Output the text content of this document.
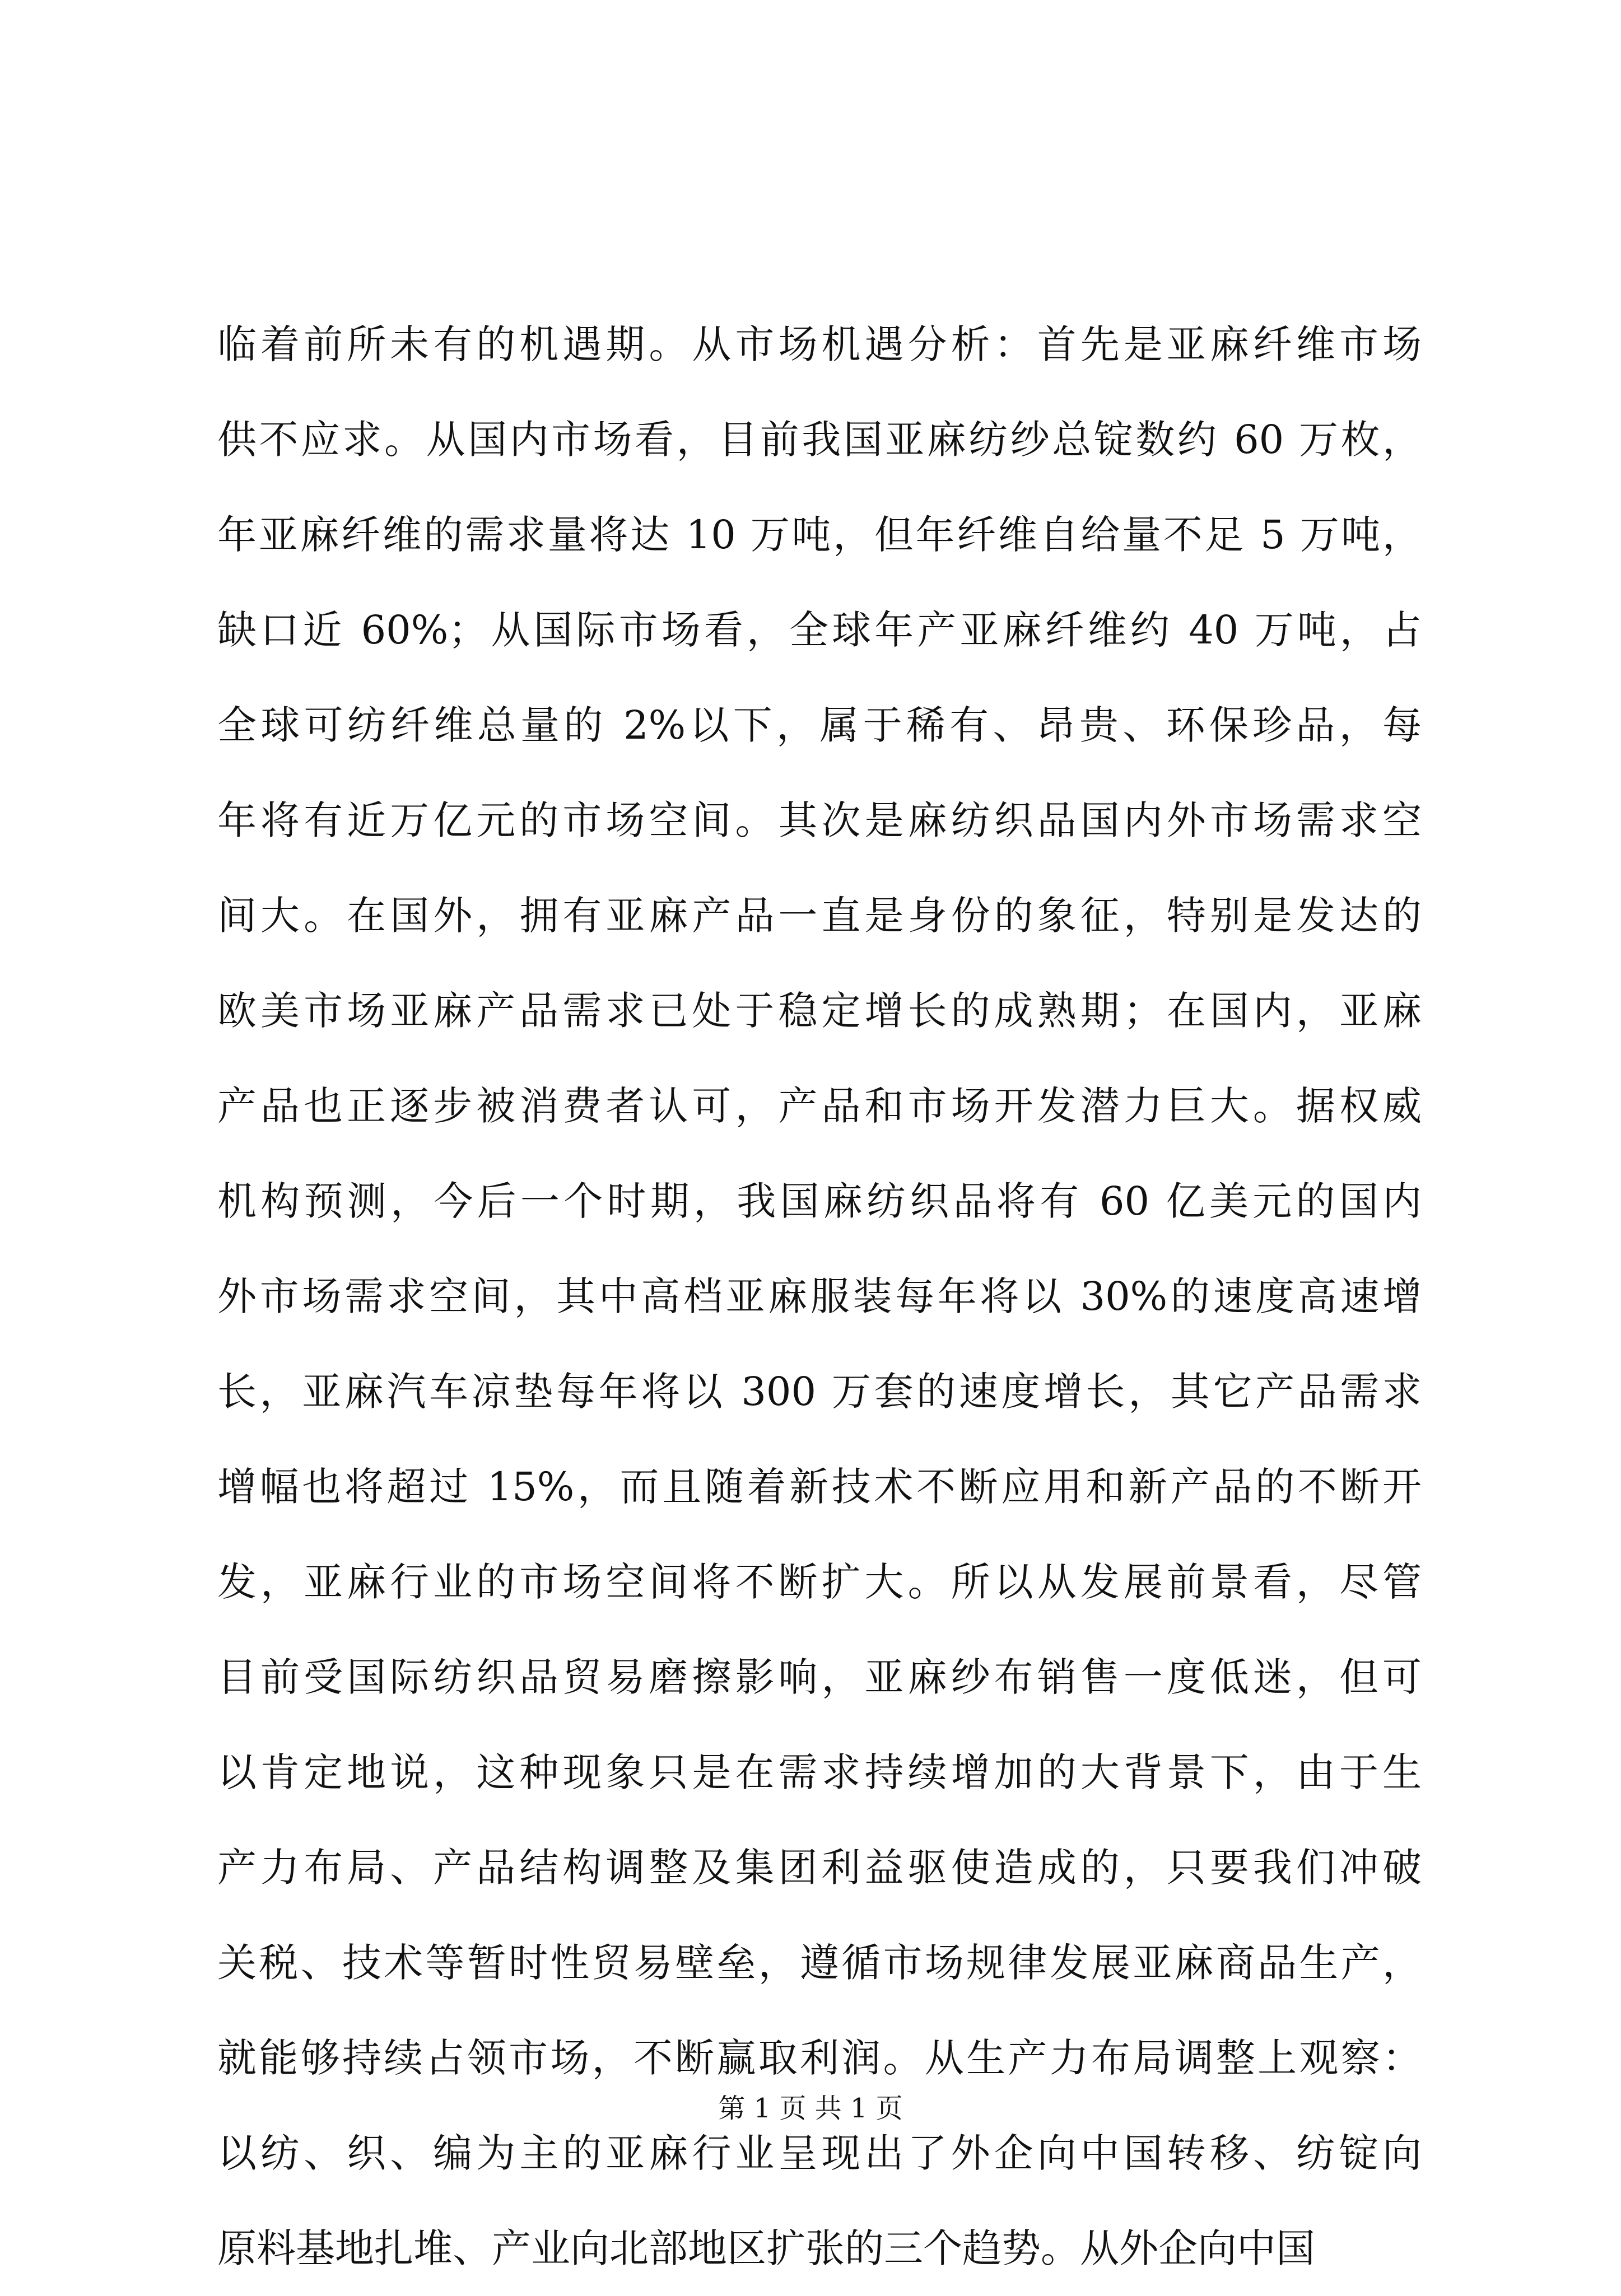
临着前所未有的机遇期。从市场机遇分析：首先是亚麻纤维市场
供不应求。从国内市场看，目前我国亚麻纺纱总锭数约 60 万枚，
年亚麻纤维的需求量将达 10 万吨，但年纤维自给量不足 5 万吨，
缺口近 60%；从国际市场看，全球年产亚麻纤维约 40 万吨，占
全球可纺纤维总量的 2%以下，属于稀有、昂贵、环保珍品，每
年将有近万亿元的市场空间。其次是麻纺织品国内外市场需求空
间大。在国外，拥有亚麻产品一直是身份的象征，特别是发达的
欧美市场亚麻产品需求已处于稳定增长的成熟期；在国内，亚麻
产品也正逐步被消费者认可，产品和市场开发潜力巨大。据权威
机构预测，今后一个时期，我国麻纺织品将有 60 亿美元的国内
外市场需求空间，其中高档亚麻服装每年将以 30%的速度高速增
长，亚麻汽车凉垫每年将以 300 万套的速度增长，其它产品需求
增幅也将超过 15%，而且随着新技术不断应用和新产品的不断开
发，亚麻行业的市场空间将不断扩大。所以从发展前景看，尽管
目前受国际纺织品贸易磨擦影响，亚麻纱布销售一度低迷，但可
以肯定地说，这种现象只是在需求持续增加的大背景下，由于生
产力布局、产品结构调整及集团利益驱使造成的，只要我们冲破
关税、技术等暂时性贸易壁垒，遵循市场规律发展亚麻商品生产，
就能够持续占领市场，不断赢取利润。从生产力布局调整上观察：
以纺、织、编为主的亚麻行业呈现出了外企向中国转移、纺锭向
原料基地扎堆、产业向北部地区扩张的三个趋势。从外企向中国
第 1 页 共 1 页
